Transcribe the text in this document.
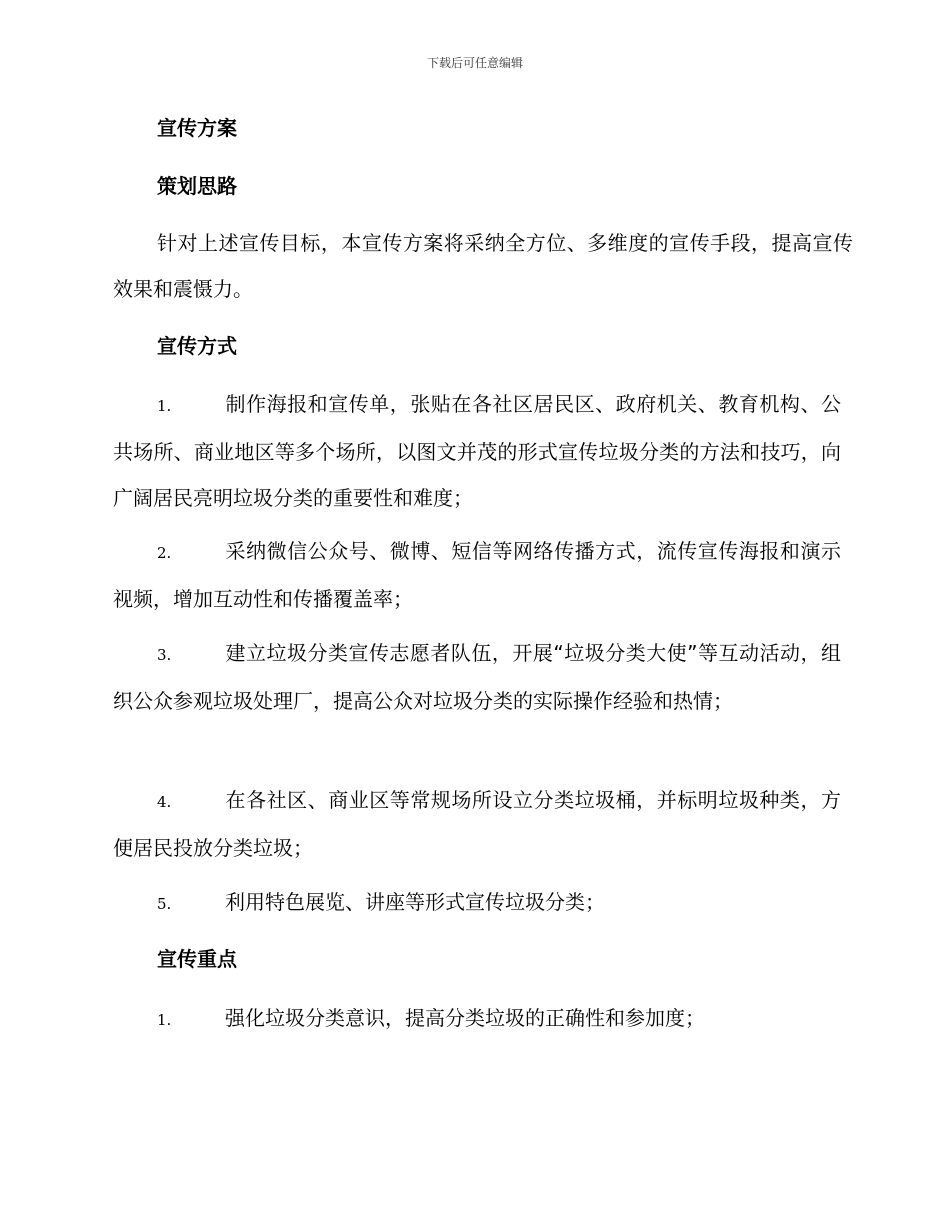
下载后可任意编辑
宣传方案
策划思路
针对上述宣传目标，本宣传方案将采纳全方位、多维度的宣传手段，提高宣传效果和震慑力。
宣传方式
1.	制作海报和宣传单，张贴在各社区居民区、政府机关、教育机构、公共场所、商业地区等多个场所，以图文并茂的形式宣传垃圾分类的方法和技巧，向广阔居民亮明垃圾分类的重要性和难度；
2.	采纳微信公众号、微博、短信等网络传播方式，流传宣传海报和演示视频，增加互动性和传播覆盖率；
3.	建立垃圾分类宣传志愿者队伍，开展“垃圾分类大使”等互动活动，组织公众参观垃圾处理厂，提高公众对垃圾分类的实际操作经验和热情；
4.	在各社区、商业区等常规场所设立分类垃圾桶，并标明垃圾种类，方便居民投放分类垃圾；
5.	利用特色展览、讲座等形式宣传垃圾分类；
宣传重点
1.	强化垃圾分类意识，提高分类垃圾的正确性和参加度；
